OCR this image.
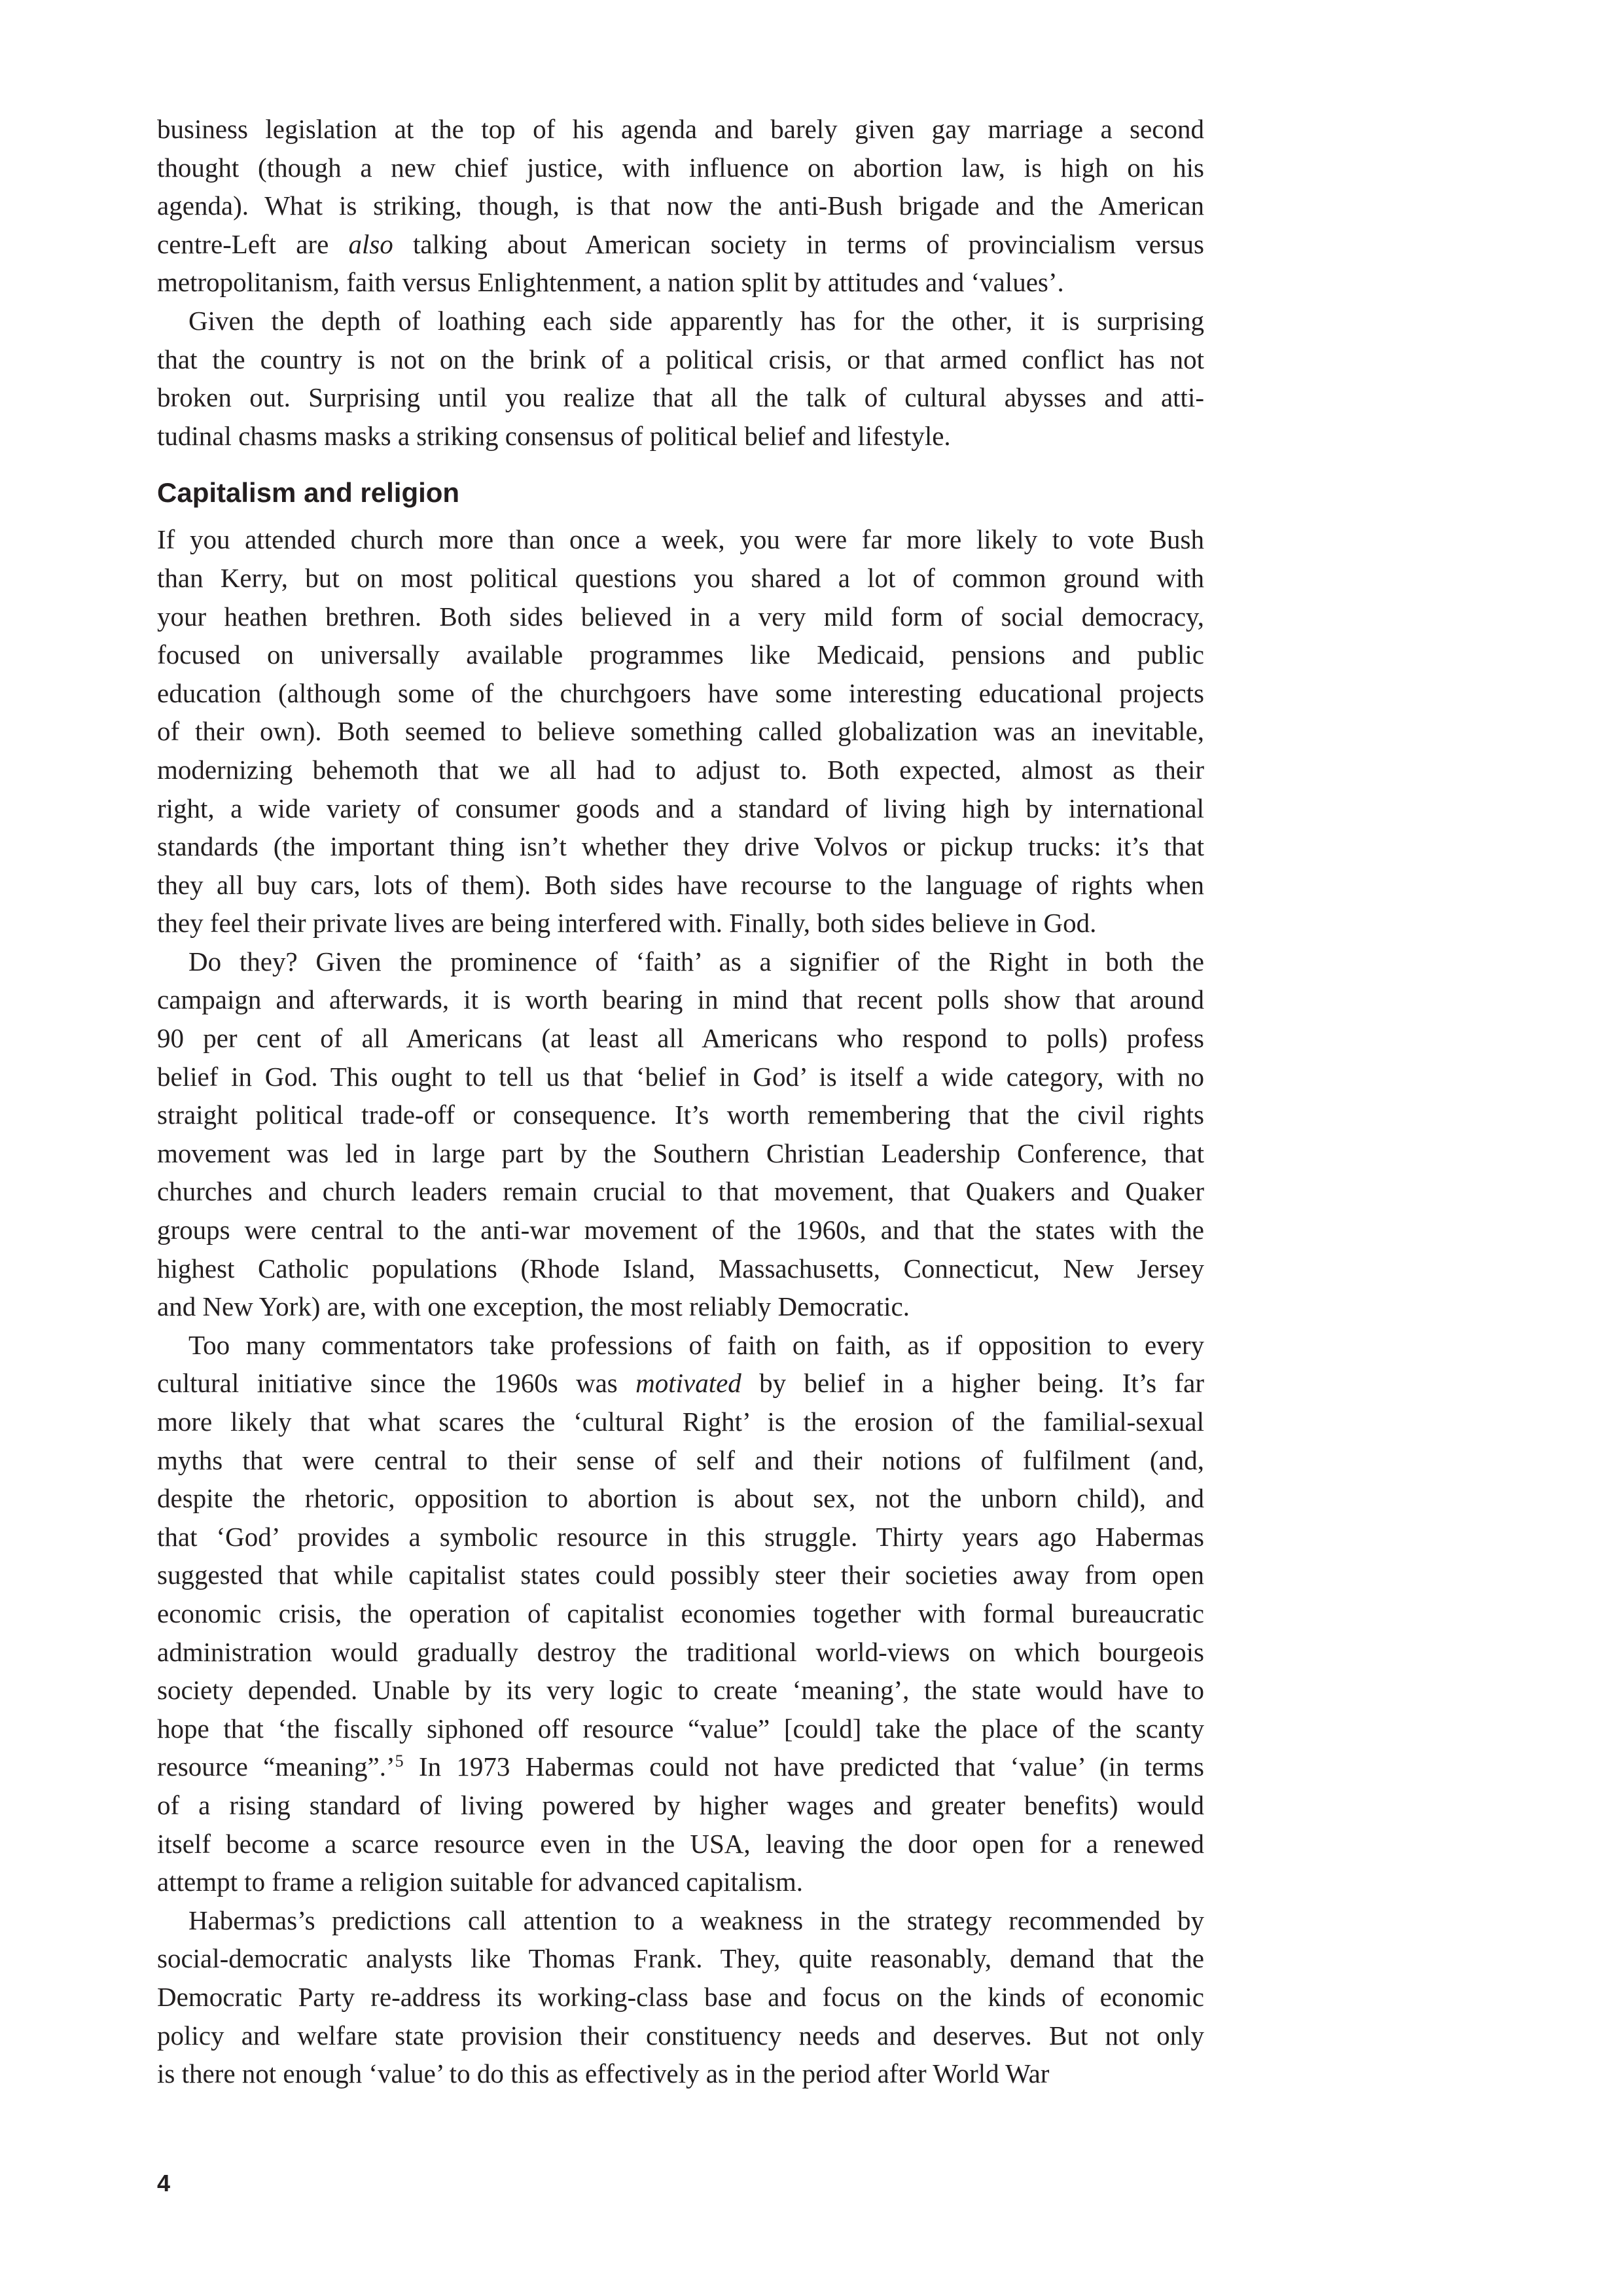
business legislation at the top of his agenda and barely given gay marriage a second
thought (though a new chief justice, with influence on abortion law, is high on his
agenda). What is striking, though, is that now the anti-Bush brigade and the American
centre-Left are also talking about American society in terms of provincialism versus
metropolitanism, faith versus Enlightenment, a nation split by attitudes and ‘values’.

Given the depth of loathing each side apparently has for the other, it is surprising
that the country is not on the brink of a political crisis, or that armed conflict has not
broken out. Surprising until you realize that all the talk of cultural abysses and atti-
tudinal chasms masks a striking consensus of political belief and lifestyle.

Capitalism and religion

If you attended church more than once a week, you were far more likely to vote Bush
than Kerry, but on most political questions you shared a lot of common ground with
your heathen brethren. Both sides believed in a very mild form of social democracy,
focused on universally available programmes like Medicaid, pensions and public
education (although some of the churchgoers have some interesting educational projects
of their own). Both seemed to believe something called globalization was an inevitable,
modernizing behemoth that we all had to adjust to. Both expected, almost as their
right, a wide variety of consumer goods and a standard of living high by international
standards (the important thing isn’t whether they drive Volvos or pickup trucks: it’s that
they all buy cars, lots of them). Both sides have recourse to the language of rights when
they feel their private lives are being interfered with. Finally, both sides believe in God.

Do they? Given the prominence of ‘faith’ as a signifier of the Right in both the
campaign and afterwards, it is worth bearing in mind that recent polls show that around
90 per cent of all Americans (at least all Americans who respond to polls) profess
belief in God. This ought to tell us that ‘belief in God’ is itself a wide category, with no
straight political trade-off or consequence. It’s worth remembering that the civil rights
movement was led in large part by the Southern Christian Leadership Conference, that
churches and church leaders remain crucial to that movement, that Quakers and Quaker
groups were central to the anti-war movement of the 1960s, and that the states with the
highest Catholic populations (Rhode Island, Massachusetts, Connecticut, New Jersey
and New York) are, with one exception, the most reliably Democratic.

Too many commentators take professions of faith on faith, as if opposition to every
cultural initiative since the 1960s was motivated by belief in a higher being. It’s far
more likely that what scares the ‘cultural Right’ is the erosion of the familial-sexual
myths that were central to their sense of self and their notions of fulfilment (and,
despite the rhetoric, opposition to abortion is about sex, not the unborn child), and
that ‘God’ provides a symbolic resource in this struggle. Thirty years ago Habermas
suggested that while capitalist states could possibly steer their societies away from open
economic crisis, the operation of capitalist economies together with formal bureaucratic
administration would gradually destroy the traditional world-views on which bourgeois
society depended. Unable by its very logic to create ‘meaning’, the state would have to
hope that ‘the fiscally siphoned off resource “value” [could] take the place of the scanty
resource “meaning”.’$^5$ In 1973 Habermas could not have predicted that ‘value’ (in terms
of a rising standard of living powered by higher wages and greater benefits) would
itself become a scarce resource even in the USA, leaving the door open for a renewed
attempt to frame a religion suitable for advanced capitalism.

Habermas’s predictions call attention to a weakness in the strategy recommended by
social-democratic analysts like Thomas Frank. They, quite reasonably, demand that the
Democratic Party re-address its working-class base and focus on the kinds of economic
policy and welfare state provision their constituency needs and deserves. But not only
is there not enough ‘value’ to do this as effectively as in the period after World War

4
